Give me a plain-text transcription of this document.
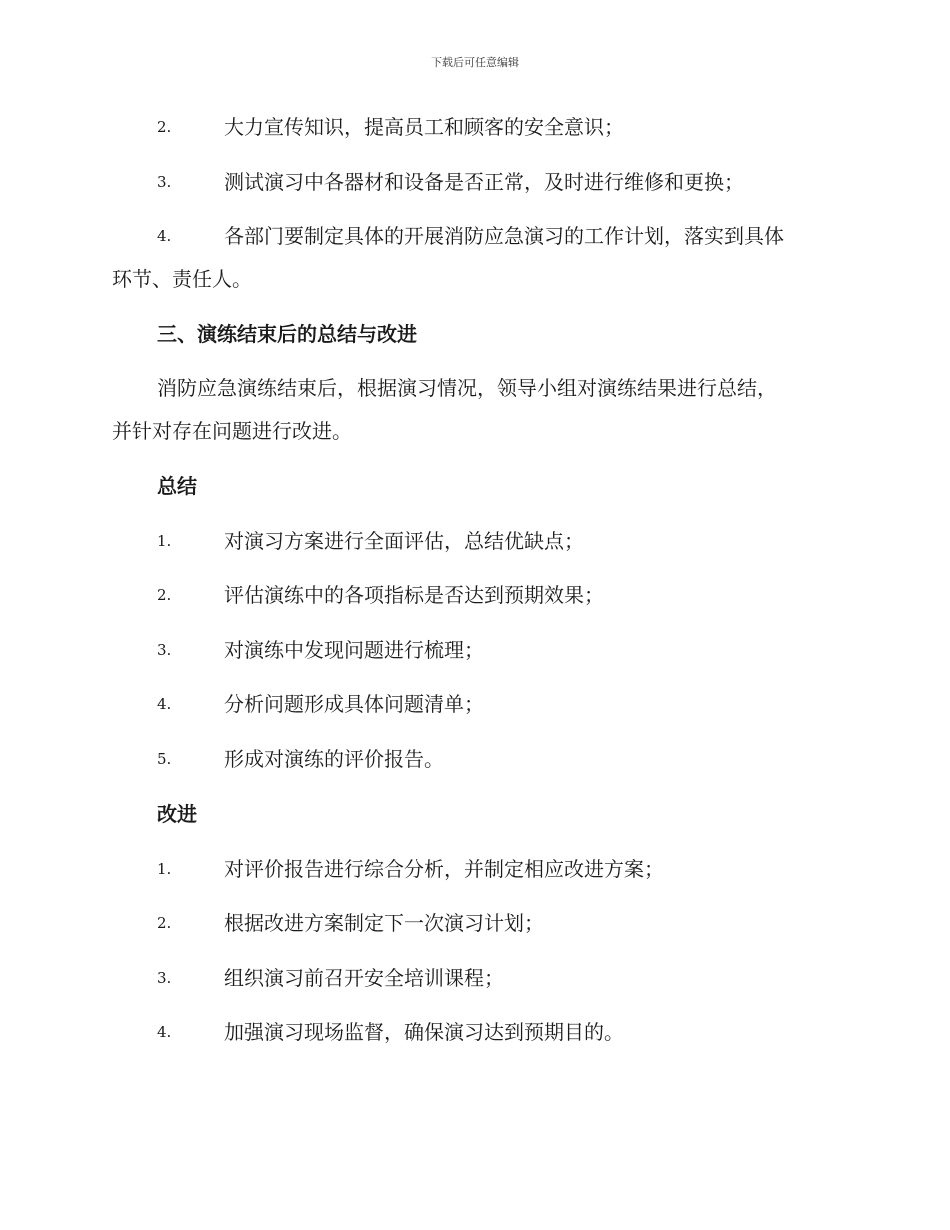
下载后可任意编辑
2.	大力宣传知识，提高员工和顾客的安全意识；
3.	测试演习中各器材和设备是否正常，及时进行维修和更换；
4.	各部门要制定具体的开展消防应急演习的工作计划，落实到具体
环节、责任人。
三、演练结束后的总结与改进
消防应急演练结束后，根据演习情况，领导小组对演练结果进行总结，
并针对存在问题进行改进。
总结
1.	对演习方案进行全面评估，总结优缺点；
2.	评估演练中的各项指标是否达到预期效果；
3.	对演练中发现问题进行梳理；
4.	分析问题形成具体问题清单；
5.	形成对演练的评价报告。
改进
1.	对评价报告进行综合分析，并制定相应改进方案；
2.	根据改进方案制定下一次演习计划；
3.	组织演习前召开安全培训课程；
4.	加强演习现场监督，确保演习达到预期目的。
